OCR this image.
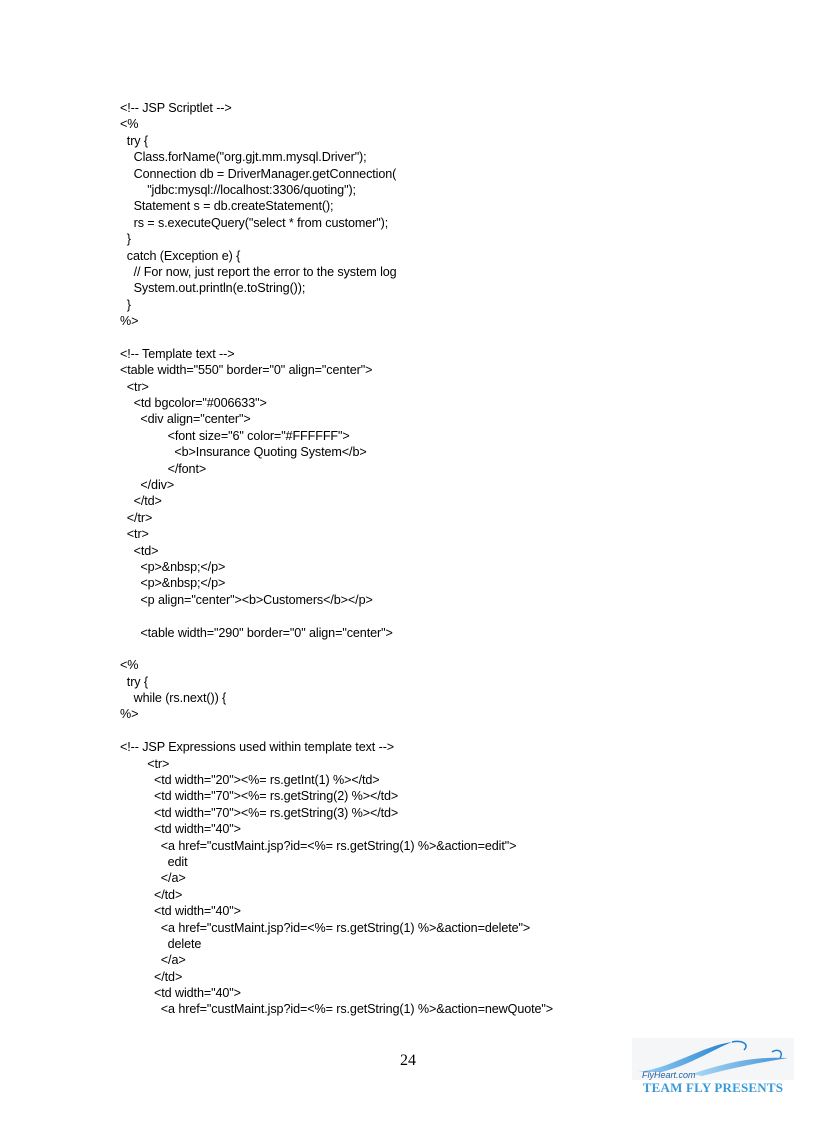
<!-- JSP Scriptlet -->
<%
try {
Class.forName("org.gjt.mm.mysql.Driver");
Connection db = DriverManager.getConnection(
"jdbc:mysql://localhost:3306/quoting");
Statement s = db.createStatement();
rs = s.executeQuery("select * from customer");
}
catch (Exception e) {
// For now, just report the error to the system log
System.out.println(e.toString());
}
%>
<!-- Template text -->
<table width="550" border="0" align="center">
<tr>
<td bgcolor="#006633">
<div align="center">
<font size="6" color="#FFFFFF">
<b>Insurance Quoting System</b>
</font>
</div>
</td>
</tr>
<tr>
<td>
<p>&nbsp;</p>
<p>&nbsp;</p>
<p align="center"><b>Customers</b></p>
<table width="290" border="0" align="center">
<%
try {
while (rs.next()) {
%>
<!-- JSP Expressions used within template text -->
<tr>
<td width="20"><%= rs.getInt(1) %></td>
<td width="70"><%= rs.getString(2) %></td>
<td width="70"><%= rs.getString(3) %></td>
<td width="40">
<a href="custMaint.jsp?id=<%= rs.getString(1) %>&action=edit">
edit
</a>
</td>
<td width="40">
<a href="custMaint.jsp?id=<%= rs.getString(1) %>&action=delete">
delete
</a>
</td>
<td width="40">
<a href="custMaint.jsp?id=<%= rs.getString(1) %>&action=newQuote">
24
FlyHeart.com
TEAM FLY PRESENTS
